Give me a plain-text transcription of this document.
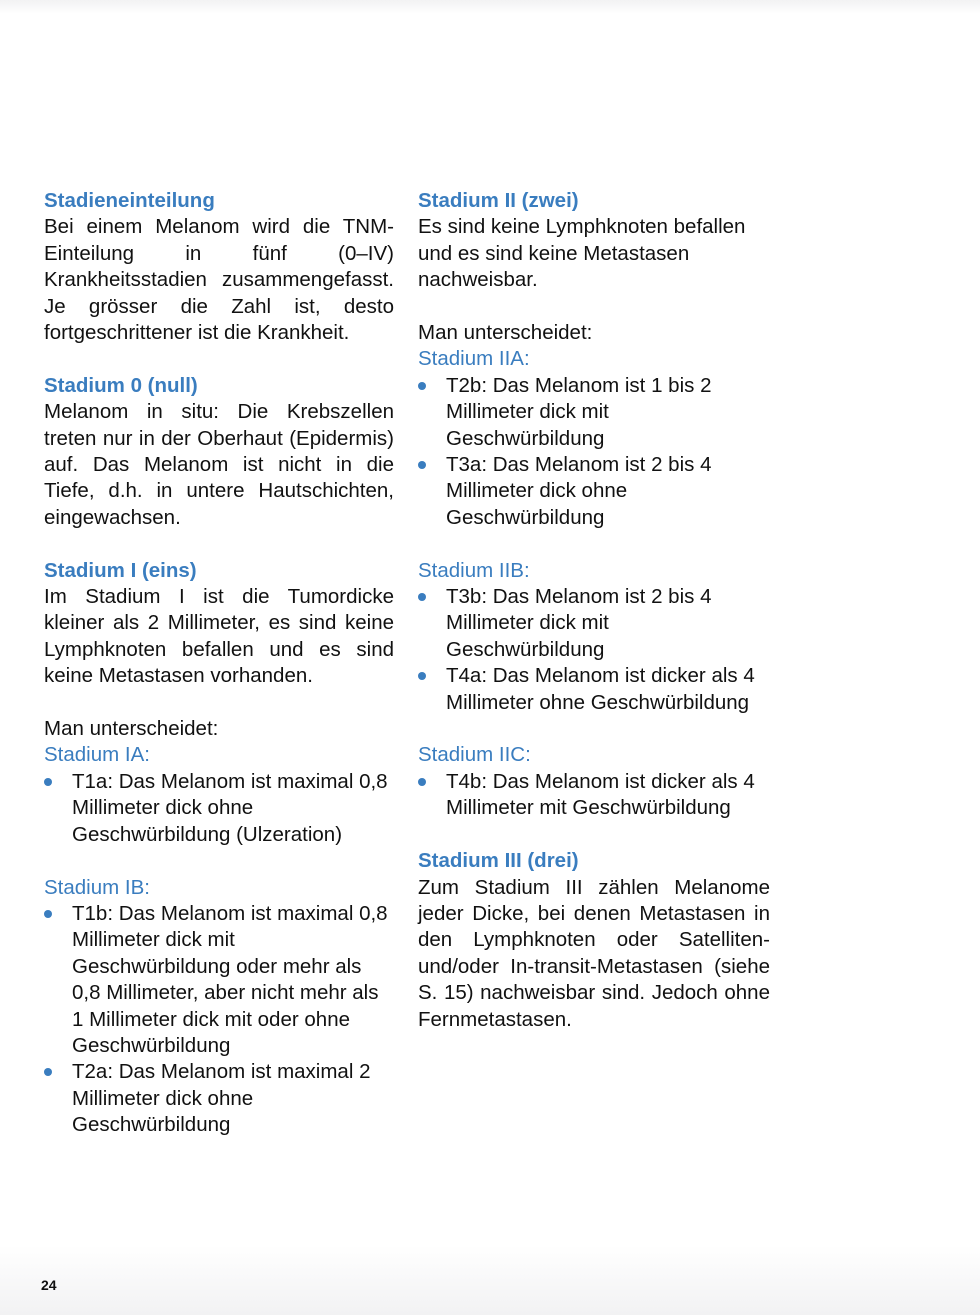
Stadieneinteilung

Bei einem Melanom wird die TNM-Einteilung in fünf (0–IV) Krankheitsstadien zusammengefasst. Je grösser die Zahl ist, desto fortgeschrittener ist die Krankheit.

Stadium 0 (null)

Melanom in situ: Die Krebszellen treten nur in der Oberhaut (Epidermis) auf. Das Melanom ist nicht in die Tiefe, d.h. in untere Hautschichten, eingewachsen.

Stadium I (eins)

Im Stadium I ist die Tumordicke kleiner als 2 Millimeter, es sind keine Lymphknoten befallen und es sind keine Metastasen vorhanden.

Man unterscheidet:

Stadium IA:
T1a: Das Melanom ist maximal 0,8 Millimeter dick ohne Geschwürbildung (Ulzeration)
Stadium IB:
T1b: Das Melanom ist maximal 0,8 Millimeter dick mit Geschwürbildung oder mehr als 0,8 Millimeter, aber nicht mehr als 1 Millimeter dick mit oder ohne Geschwürbildung
T2a: Das Melanom ist maximal 2 Millimeter dick ohne Geschwürbildung
Stadium II (zwei)

Es sind keine Lymphknoten befallen und es sind keine Metastasen nachweisbar.

Man unterscheidet:

Stadium IIA:
T2b: Das Melanom ist 1 bis 2 Millimeter dick mit Geschwürbildung
T3a: Das Melanom ist 2 bis 4 Millimeter dick ohne Geschwürbildung
Stadium IIB:
T3b: Das Melanom ist 2 bis 4 Millimeter dick mit Geschwürbildung
T4a: Das Melanom ist dicker als 4 Millimeter ohne Geschwürbildung
Stadium IIC:
T4b: Das Melanom ist dicker als 4 Millimeter mit Geschwürbildung
Stadium III (drei)

Zum Stadium III zählen Melanome jeder Dicke, bei denen Metastasen in den Lymphknoten oder Satelliten- und/oder In-transit-Metastasen (siehe S. 15) nachweisbar sind. Jedoch ohne Fernmetastasen.

24
